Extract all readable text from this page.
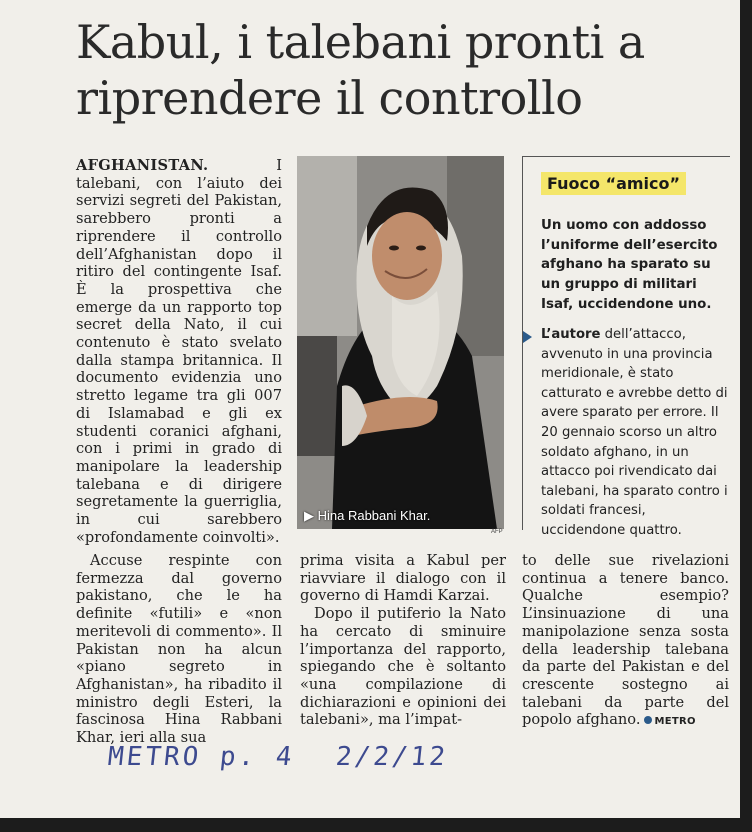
Kabul, i talebani pronti a riprendere il controllo

AFGHANISTAN.	I talebani, con l’aiuto dei servizi segreti del Pakistan, sarebbero pronti a riprendere il controllo dell’Afghanistan dopo il ritiro del contingente Isaf. È la prospettiva che emerge da un rapporto top secret della Nato, il cui contenuto è stato svelato dalla stampa britannica. Il documento evidenzia uno stretto legame tra gli 007 di Islamabad e gli ex studenti coranici afghani, con i primi in grado di manipolare la leadership talebana e di dirigere segretamente la guerriglia, in cui sarebbero «profondamente coinvolti».

Accuse respinte con fermezza dal governo pakistano, che le ha definite «futili» e «non meritevoli di commento». Il Pakistan non ha alcun «piano segreto in Afghanistan», ha ribadito il ministro degli Esteri, la fascinosa Hina Rabbani Khar, ieri alla sua

prima visita a Kabul per riavviare il dialogo con il governo di Hamdi Karzai.

Dopo il putiferio la Nato ha cercato di sminuire l’importanza del rapporto, spiegando che è soltanto «una compilazione di dichiarazioni e opinioni dei talebani», ma l’impat-

to delle sue rivelazioni continua a tenere banco. Qualche esempio? L’insinuazione di una manipolazione senza sosta della leadership talebana da parte del Pakistan e del crescente sostegno ai talebani da parte del popolo afghano. METRO

▶ Hina Rabbani Khar.
AFP
Fuoco “amico”

Un uomo con addosso l’uniforme dell’esercito afghano ha sparato su un gruppo di militari Isaf, uccidendone uno.

L’autore dell’attacco, avvenuto in una provincia meridionale, è stato catturato e avrebbe detto di avere sparato per errore. Il 20 gennaio scorso un altro soldato afghano, in un attacco poi rivendicato dai talebani, ha sparato contro i soldati francesi, uccidendone quattro.

METRO p. 4 2/2/12
